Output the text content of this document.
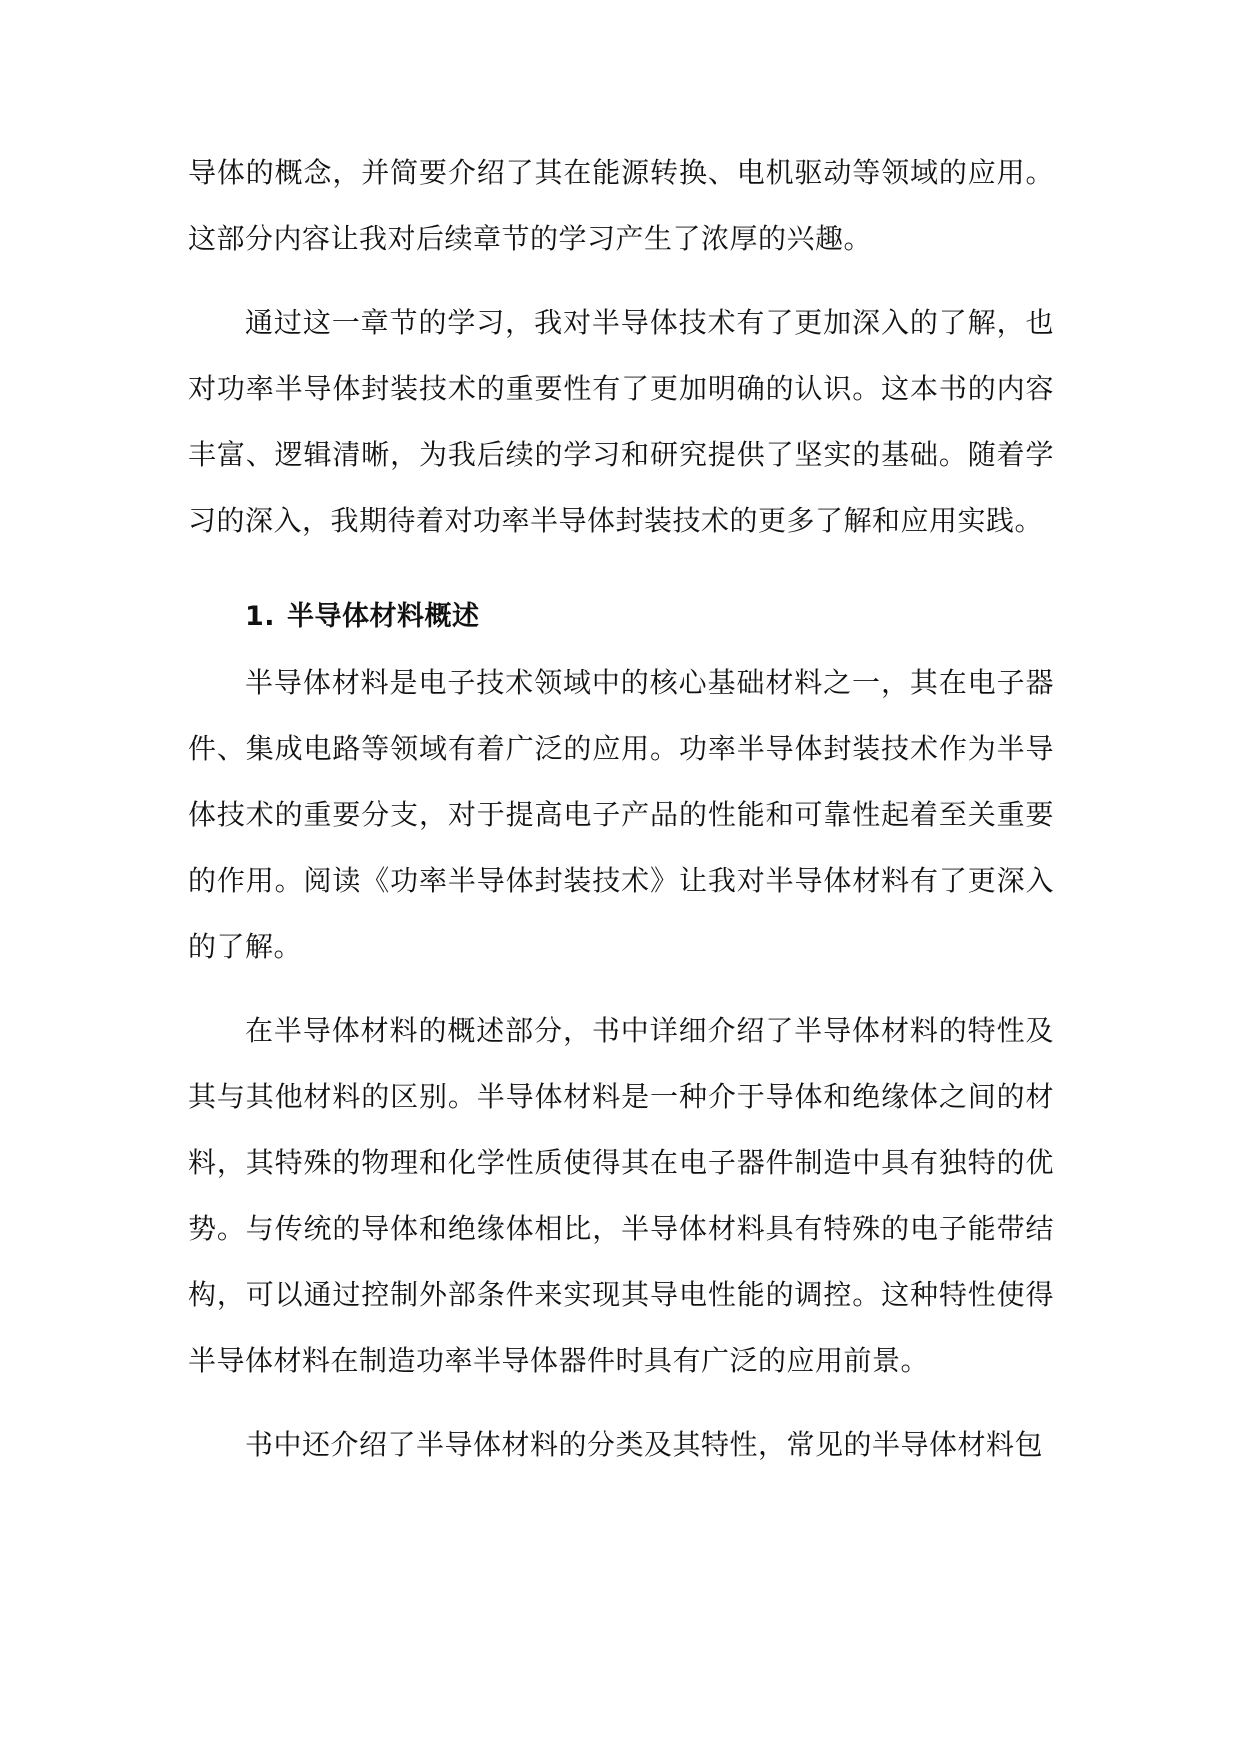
导体的概念，并简要介绍了其在能源转换、电机驱动等领域的应用。这部分内容让我对后续章节的学习产生了浓厚的兴趣。

通过这一章节的学习，我对半导体技术有了更加深入的了解，也对功率半导体封装技术的重要性有了更加明确的认识。这本书的内容丰富、逻辑清晰，为我后续的学习和研究提供了坚实的基础。随着学习的深入，我期待着对功率半导体封装技术的更多了解和应用实践。

1. 半导体材料概述

半导体材料是电子技术领域中的核心基础材料之一，其在电子器件、集成电路等领域有着广泛的应用。功率半导体封装技术作为半导体技术的重要分支，对于提高电子产品的性能和可靠性起着至关重要的作用。阅读《功率半导体封装技术》让我对半导体材料有了更深入的了解。

在半导体材料的概述部分，书中详细介绍了半导体材料的特性及其与其他材料的区别。半导体材料是一种介于导体和绝缘体之间的材料，其特殊的物理和化学性质使得其在电子器件制造中具有独特的优势。与传统的导体和绝缘体相比，半导体材料具有特殊的电子能带结构，可以通过控制外部条件来实现其导电性能的调控。这种特性使得半导体材料在制造功率半导体器件时具有广泛的应用前景。

书中还介绍了半导体材料的分类及其特性，常见的半导体材料包
